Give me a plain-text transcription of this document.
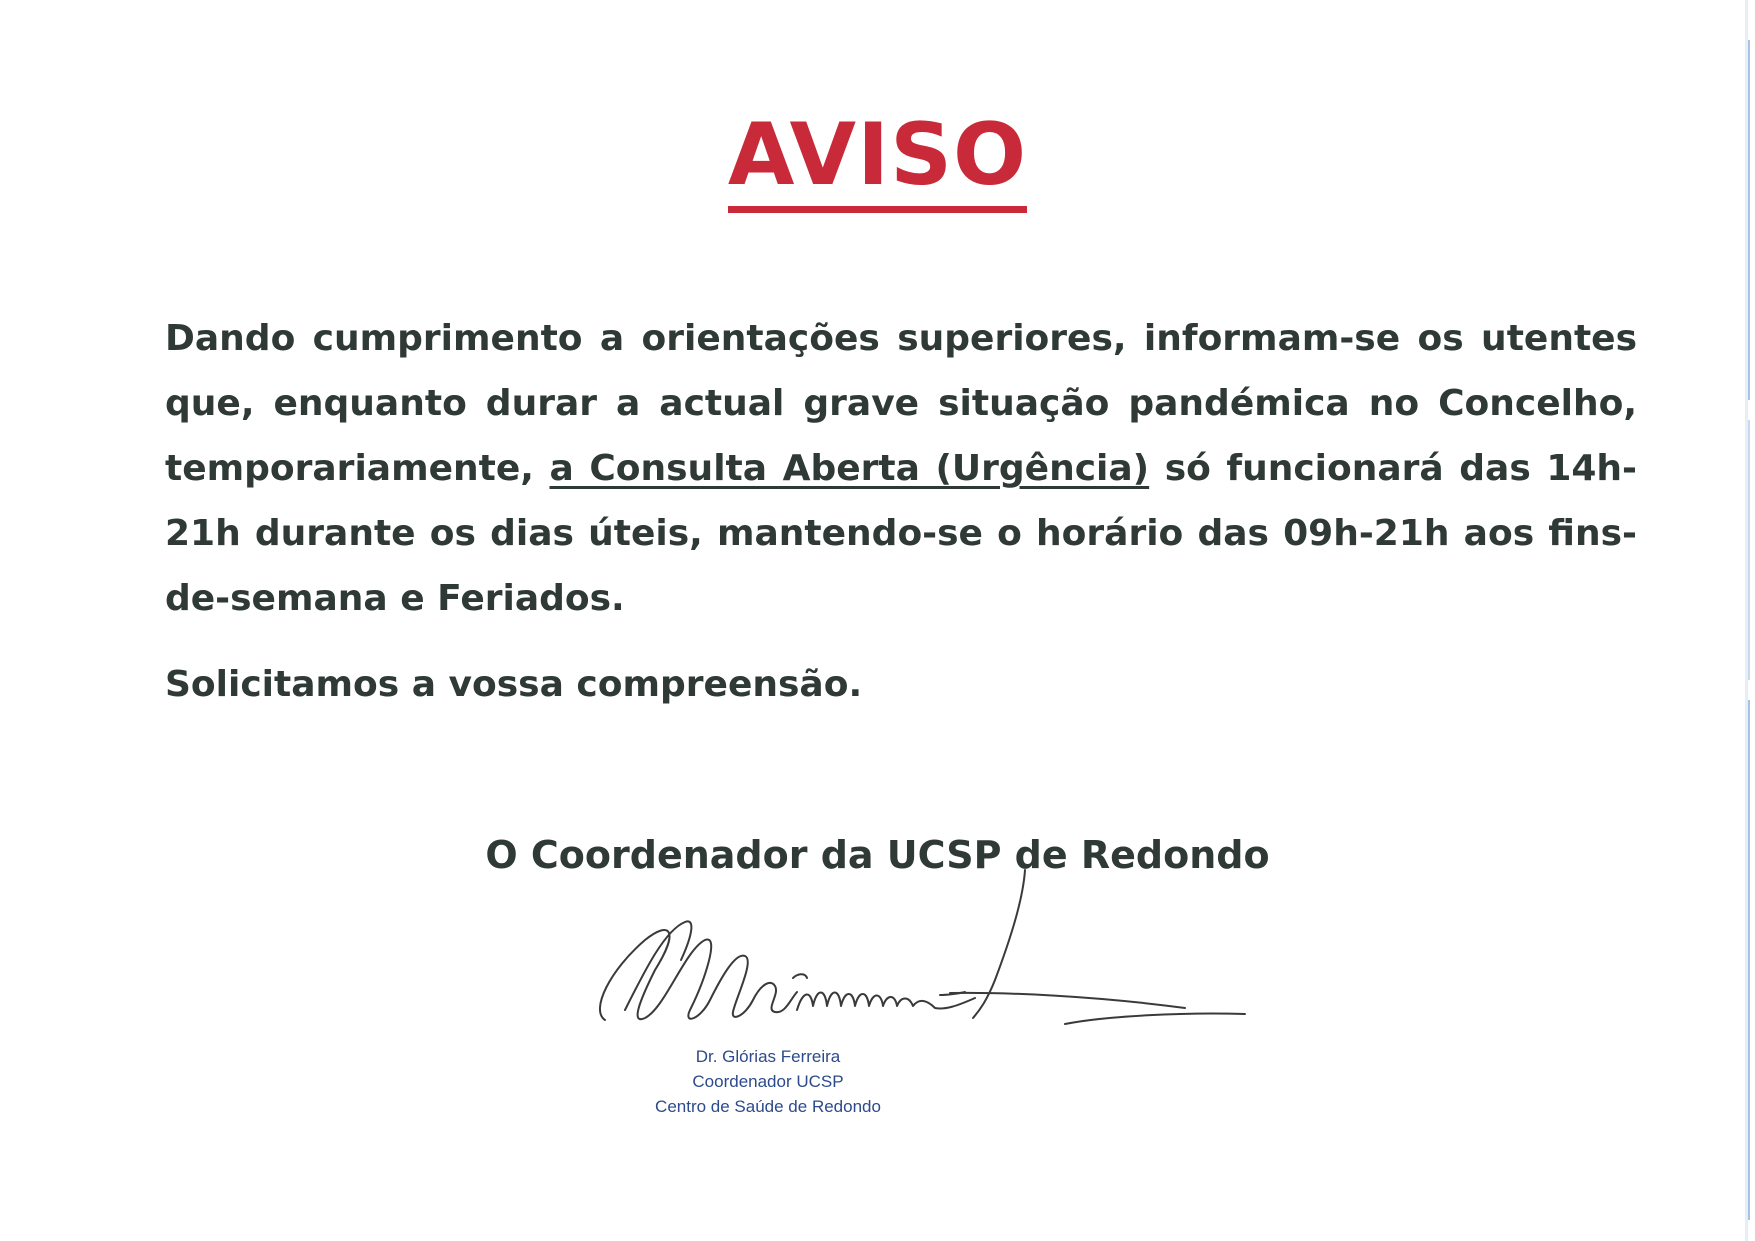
AVISO

Dando cumprimento a orientações superiores, informam-se os utentes que, enquanto durar a actual grave situação pandémica no Concelho, temporariamente, a Consulta Aberta (Urgência) só funcionará das 14h-21h durante os dias úteis, mantendo-se o horário das 09h-21h aos fins-de-semana e Feriados.

Solicitamos a vossa compreensão.

O Coordenador da UCSP de Redondo
Dr. Glórias Ferreira
Coordenador UCSP
Centro de Saúde de Redondo
